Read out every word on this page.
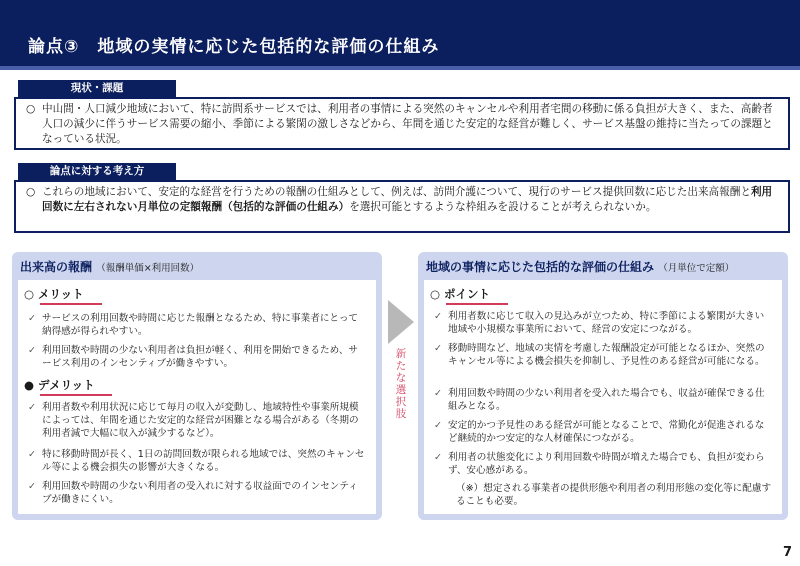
論点③　地域の実情に応じた包括的な評価の仕組み
現状・課題
○ 中山間・人口減少地域において、特に訪問系サービスでは、利用者の事情による突然のキャンセルや利用者宅間の移動に係る負担が大きく、また、高齢者人口の減少に伴うサービス需要の縮小、季節による繁閑の激しさなどから、年間を通じた安定的な経営が難しく、サービス基盤の維持に当たっての課題となっている状況。
論点に対する考え方
○ これらの地域において、安定的な経営を行うための報酬の仕組みとして、例えば、訪問介護について、現行のサービス提供回数に応じた出来高報酬と利用回数に左右されない月単位の定額報酬（包括的な評価の仕組み）を選択可能とするような枠組みを設けることが考えられないか。
出来高の報酬 （報酬単価×利用回数）
○ メリット
✓ サービスの利用回数や時間に応じた報酬となるため、特に事業者にとって納得感が得られやすい。
✓ 利用回数や時間の少ない利用者は負担が軽く、利用を開始できるため、サービス利用のインセンティブが働きやすい。
● デメリット
✓ 利用者数や利用状況に応じて毎月の収入が変動し、地域特性や事業所規模によっては、年間を通じた安定的な経営が困難となる場合がある（冬期の利用者減で大幅に収入が減少するなど）。
✓ 特に移動時間が長く、1日の訪問回数が限られる地域では、突然のキャンセル等による機会損失の影響が大きくなる。
✓ 利用回数や時間の少ない利用者の受入れに対する収益面でのインセンティブが働きにくい。
新たな選択肢
地域の事情に応じた包括的な評価の仕組み （月単位で定額）
○ ポイント
✓ 利用者数に応じて収入の見込みが立つため、特に季節による繁閑が大きい地域や小規模な事業所において、経営の安定につながる。
✓ 移動時間など、地域の実情を考慮した報酬設定が可能となるほか、突然のキャンセル等による機会損失を抑制し、予見性のある経営が可能になる。
✓ 利用回数や時間の少ない利用者を受入れた場合でも、収益が確保できる仕組みとなる。
✓ 安定的かつ予見性のある経営が可能となることで、常勤化が促進されるなど継続的かつ安定的な人材確保につながる。
✓ 利用者の状態変化により利用回数や時間が増えた場合でも、負担が変わらず、安心感がある。
（※）想定される事業者の提供形態や利用者の利用形態の変化等に配慮することも必要。
7
